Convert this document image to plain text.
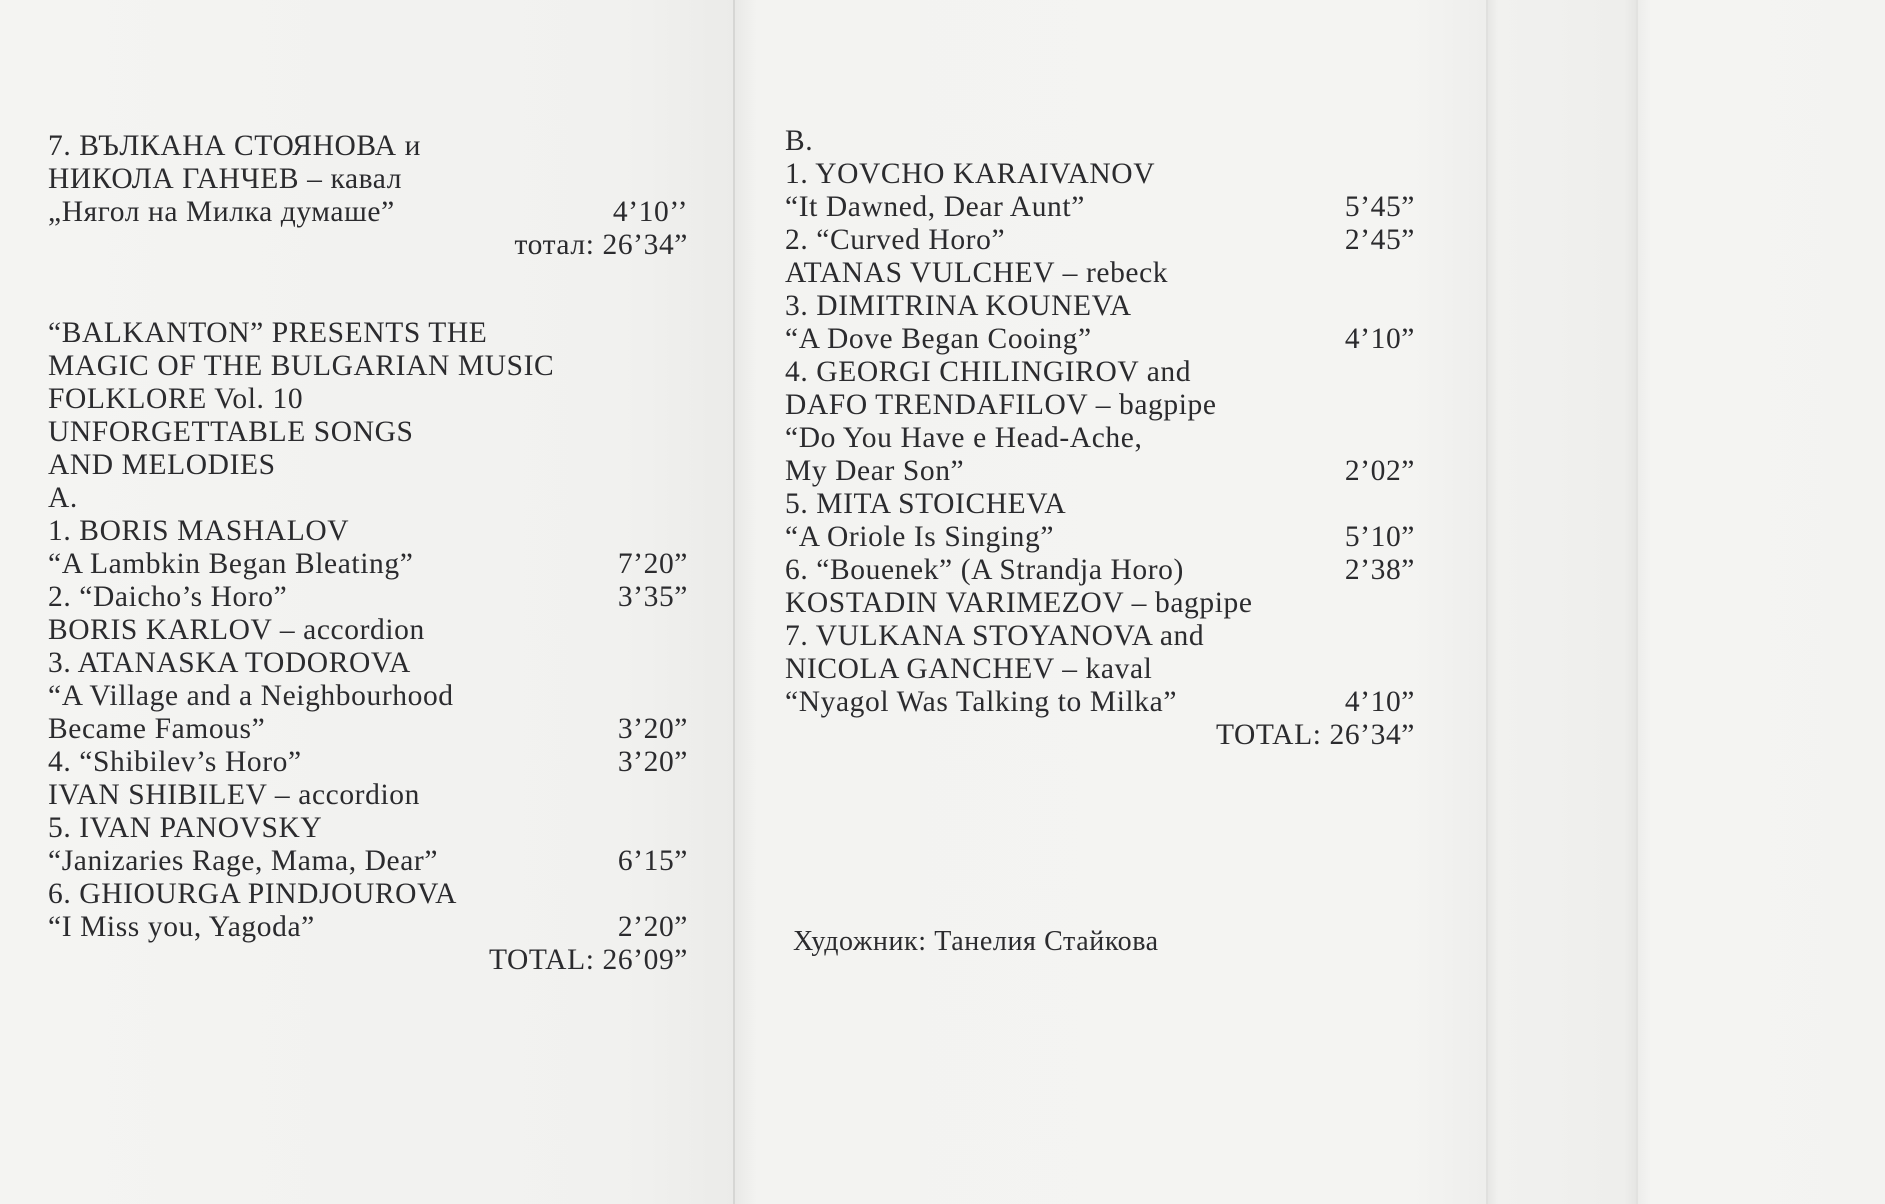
7. ВЪЛКАНА СТОЯНОВА и
НИКОЛА ГАНЧЕВ – кавал
„Нягол на Милка думаше”	4’10’’
тотал: 26’34”
“BALKANTON” PRESENTS THE
MAGIC OF THE BULGARIAN MUSIC
FOLKLORE Vol. 10
UNFORGETTABLE SONGS
AND MELODIES
A.
1. BORIS MASHALOV
“A Lambkin Began Bleating”	7’20”
2. “Daicho’s Horo”	3’35”
BORIS KARLOV – accordion
3. ATANASKA TODOROVA
“A Village and a Neighbourhood
Became Famous”	3’20”
4. “Shibilev’s Horo”	3’20”
IVAN SHIBILEV – accordion
5. IVAN PANOVSKY
“Janizaries Rage, Mama, Dear”	6’15”
6. GHIOURGA PINDJOUROVA
“I Miss you, Yagoda”	2’20”
TOTAL: 26’09”
B.
1. YOVCHO KARAIVANOV
“It Dawned, Dear Aunt”	5’45”
2. “Curved Horo”	2’45”
ATANAS VULCHEV – rebeck
3. DIMITRINA KOUNEVA
“A Dove Began Cooing”	4’10”
4. GEORGI CHILINGIROV and
DAFO TRENDAFILOV – bagpipe
“Do You Have e Head-Ache,
My Dear Son”	2’02”
5. MITA STOICHEVA
“A Oriole Is Singing”	5’10”
6. “Bouenek” (A Strandja Horo)	2’38”
KOSTADIN VARIMEZOV – bagpipe
7. VULKANA STOYANOVA and
NICOLA GANCHEV – kaval
“Nyagol Was Talking to Milka”	4’10”
TOTAL: 26’34”
Художник: Танелия Стайкова
